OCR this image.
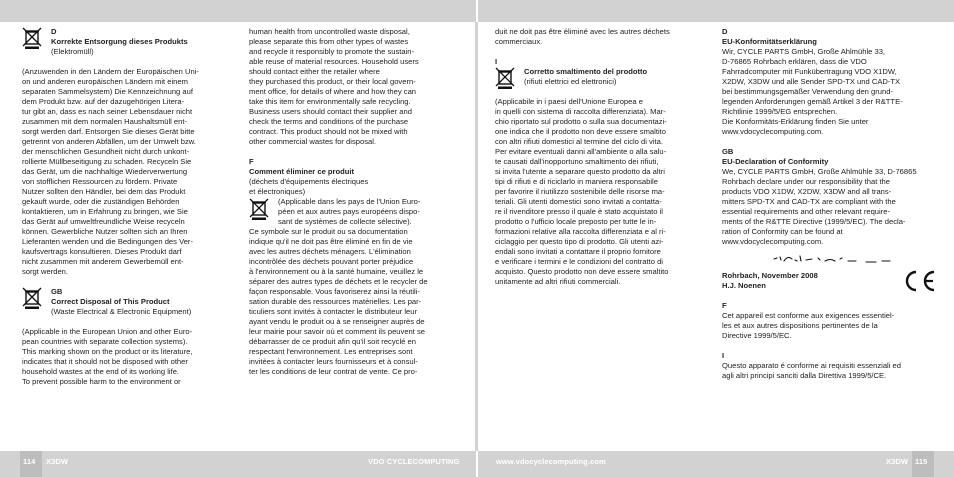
D

Korrekte Entsorgung dieses Produkts

(Elektromüll)

(Anzuwenden in den Ländern der Europäischen Uni-

on und anderen europäischen Ländern mit einem

separaten Sammelsystem) Die Kennzeichnung auf

dem Produkt bzw. auf der dazugehörigen Litera-

tur gibt an, dass es nach seiner Lebensdauer nicht

zusammen mit dem normalen Haushaltsmüll ent-

sorgt werden darf. Entsorgen Sie dieses Gerät bitte

getrennt von anderen Abfällen, um der Umwelt bzw.

der menschlichen Gesundheit nicht durch unkont-

rollierte Müllbeseitigung zu schaden. Recyceln Sie

das Gerät, um die nachhaltige Wiederverwertung

von stofflichen Ressourcen zu fördern. Private

Nutzer sollten den Händler, bei dem das Produkt

gekauft wurde, oder die zuständigen Behörden

kontaktieren, um in Erfahrung zu bringen, wie Sie

das Gerät auf umweltfreundliche Weise recyceln

können. Gewerbliche Nutzer sollten sich an Ihren

Lieferanten wenden und die Bedingungen des Ver-

kaufsvertrags konsultieren. Dieses Produkt darf

nicht zusammen mit anderem Gewerbemüll ent-

sorgt werden.

GB

Correct Disposal of This Product

(Waste Electrical & Electronic Equipment)

(Applicable in the European Union and other Euro-

pean countries with separate collection systems).

This marking shown on the product or its literature,

indicates that it should not be disposed with other

household wastes at the end of its working life.

To prevent possible harm to the environment or

human health from uncontrolled waste disposal,

please separate this from other types of wastes

and recycle it responsibly to promote the sustain-

able reuse of material resources. Household users

should contact either the retailer where

they purchased this product, or their local govern-

ment office, for details of where and how they can

take this item for environmentally safe recycling.

Business users should contact their supplier and

check the terms and conditions of the purchase

contract. This product should not be mixed with

other commercial wastes for disposal.

F

Comment éliminer ce produit

(déchets d'équipements électriques

et électroniques)

(Applicable dans les pays de l'Union Euro-

péen et aux autres pays européens dispo-

sant de systèmes de collecte sélective).

Ce symbole sur le produit ou sa documentation

indique qu'il ne doit pas être éliminé en fin de vie

avec les autres déchets ménagers. L'élimination

incontrôlée des déchets pouvant porter préjudice

à l'environnement ou à la santé humaine, veuillez le

séparer des autres types de déchets et le recycler de

façon responsable. Vous favoriserez ainsi la réutili-

sation durable des ressources matérielles. Les par-

ticuliers sont invités à contacter le distributeur leur

ayant vendu le produit ou à se renseigner auprès de

leur mairie pour savoir où et comment ils peuvent se

débarrasser de ce produit afin qu'il soit recyclé en

respectant l'environnement. Les entreprises sont

invitées à contacter leurs fournisseurs et à consul-

ter les conditions de leur contrat de vente. Ce pro-

duit ne doit pas être éliminé avec les autres déchets

commerciaux.

I

Corretto smaltimento del prodotto

(rifiuti elettrici ed elettronici)

(Applicabile in i paesi dell'Unione Europea e

in quelli con sistema di raccolta differenziata). Mar-

chio riportato sul prodotto o sulla sua documentazi-

one indica che il prodotto non deve essere smaltito

con altri rifiuti domestici al termine del ciclo di vita.

Per evitare eventuali danni all'ambiente o alla salu-

te causati dall'inopportuno smaltimento dei rifiuti,

si invita l'utente a separare questo prodotto da altri

tipi di rifiuti e di riciclarlo in maniera responsabile

per favorire il riutilizzo sostenibile delle risorse ma-

teriali. Gli utenti domestici sono invitati a contatta-

re il rivenditore presso il quale è stato acquistato il

prodotto o l'ufficio locale preposto per tutte le in-

formazioni relative alla raccolta differenziata e al ri-

ciclaggio per questo tipo di prodotto. Gli utenti azi-

endali sono invitati a contattare il proprio fornitore

e verificare i termini e le condizioni del contratto di

acquisto. Questo prodotto non deve essere smaltito

unitamente ad altri rifiuti commerciali.

D

EU-Konformitätserklärung

Wir, CYCLE PARTS GmbH, Große Ahlmühle 33,

D-76865 Rohrbach erklären, dass die VDO

Fahrradcomputer mit Funkübertragung VDO X1DW,

X2DW, X3DW und alle Sender SPD-TX und CAD-TX

bei bestimmungsgemäßer Verwendung den grund-

legenden Anforderungen gemäß Artikel 3 der R&TTE-

Richtlinie 1999/5/EG entsprechen.

Die Konformitäts-Erklärung finden Sie unter

www.vdocyclecomputing.com.

GB

EU-Declaration of Conformity

We, CYCLE PARTS GmbH, Große Ahlmühle 33, D-76865

Rohrbach declare under our responsibility that the

products VDO X1DW, X2DW, X3DW and all trans-

mitters SPD-TX and CAD-TX are compliant with the

essential requirements and other relevant require-

ments of the R&TTE Directive (1999/5/EC). The decla-

ration of Conformity can be found at

www.vdocyclecomputing.com.

Rohrbach, November 2008

H.J. Noenen

F

Cet appareil est conforme aux exigences essentiel-

les et aux autres dispositions pertinentes de la

Directive 1999/5/EC.

I

Questo apparato é conforme ai requisiti essenziali ed

agli altri principi sanciti dalla Direttiva 1999/5/CE.

114 X3DW	VDO CYCLECOMPUTING	www.vdocyclecomputing.com	X3DW 115
